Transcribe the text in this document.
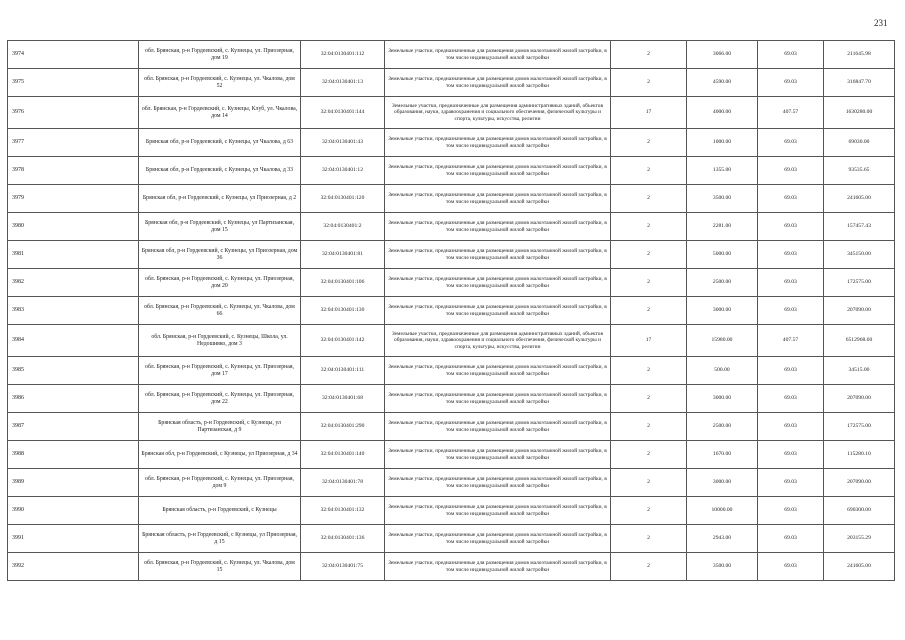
231
3974	обл. Брянская, р-н Гордеевский, с. Кузнецы, ул. Приозерная, дом 19	32:04:0130401:112	Земельные участки, предназначенные для размещения домов малоэтажной жилой застройки, в том числе индивидуальной жилой застройки	2	3066.00	69.03	211645.98
3975	обл. Брянская, р-н Гордеевский, с. Кузнецы, ул. Чкалова, дом 52	32:04:0130401:13	Земельные участки, предназначенные для размещения домов малоэтажной жилой застройки, в том числе индивидуальной жилой застройки	2	4590.00	69.03	316847.70
3976	обл. Брянская, р-н Гордеевский, с. Кузнецы, Клуб, ул. Чкалова, дом 14	32:04:0130401:144	Земельные участки, предназначенные для размещения административных зданий, объектов образования, науки, здравоохранения и социального обеспечения, физической культуры и спорта, культуры, искусства, религии	17	4000.00	407.57	1630280.00
3977	Брянская обл, р-н Гордеевский, с Кузнецы, ул Чкалова, д 63	32:04:0130401:43	Земельные участки, предназначенные для размещения домов малоэтажной жилой застройки, в том числе индивидуальной жилой застройки	2	1000.00	69.03	69030.00
3978	Брянская обл, р-н Гордеевский, с Кузнецы, ул Чкалова, д 33	32:04:0130401:12	Земельные участки, предназначенные для размещения домов малоэтажной жилой застройки, в том числе индивидуальной жилой застройки	2	1355.00	69.03	93535.65
3979	Брянская обл, р-н Гордеевский, с Кузнецы, ул Приозерная, д 2	32:04:0130401:120	Земельные участки, предназначенные для размещения домов малоэтажной жилой застройки, в том числе индивидуальной жилой застройки	2	3500.00	69.03	241605.00
3980	Брянская обл, р-н Гордеевский, с Кузнецы, ул Партизанская, дом 15	32:04:0130401:2	Земельные участки, предназначенные для размещения домов малоэтажной жилой застройки, в том числе индивидуальной жилой застройки	2	2281.00	69.03	157457.43
3981	Брянская обл, р-н Гордеевский, с Кузнецы, ул Приозерная, дом 36	32:04:0130401:81	Земельные участки, предназначенные для размещения домов малоэтажной жилой застройки, в том числе индивидуальной жилой застройки	2	5000.00	69.03	345150.00
3982	обл. Брянская, р-н Гордеевский, с. Кузнецы, ул. Приозерная, дом 20	32:04:0130401:106	Земельные участки, предназначенные для размещения домов малоэтажной жилой застройки, в том числе индивидуальной жилой застройки	2	2500.00	69.03	172575.00
3983	обл. Брянская, р-н Гордеевский, с. Кузнецы, ул. Чкалова, дом 66	32:04:0130401:130	Земельные участки, предназначенные для размещения домов малоэтажной жилой застройки, в том числе индивидуальной жилой застройки	2	3000.00	69.03	207090.00
3984	обл. Брянская, р-н Гордеевский, с. Кузнецы, Школа, ул. Недошивко, дом 3	32:04:0130401:142	Земельные участки, предназначенные для размещения административных зданий, объектов образования, науки, здравоохранения и социального обеспечения, физической культуры и спорта, культуры, искусства, религии	17	15980.00	407.57	6512968.60
3985	обл. Брянская, р-н Гордеевский, с. Кузнецы, ул. Приозерная, дом 17	32:04:0130401:111	Земельные участки, предназначенные для размещения домов малоэтажной жилой застройки, в том числе индивидуальной жилой застройки	2	500.00	69.03	34515.00
3986	обл. Брянская, р-н Гордеевский, с. Кузнецы, ул. Приозерная, дом 22	32:04:0130401:68	Земельные участки, предназначенные для размещения домов малоэтажной жилой застройки, в том числе индивидуальной жилой застройки	2	3000.00	69.03	207090.00
3987	Брянская область, р-н Гордеевский, с Кузнецы, ул Партизанская, д 9	32:04:0130401:290	Земельные участки, предназначенные для размещения домов малоэтажной жилой застройки, в том числе индивидуальной жилой застройки	2	2500.00	69.03	172575.00
3988	Брянская обл, р-н Гордеевский, с Кузнецы, ул Приозерная, д 34	32:04:0130401:140	Земельные участки, предназначенные для размещения домов малоэтажной жилой застройки, в том числе индивидуальной жилой застройки	2	1670.00	69.03	115280.10
3989	обл. Брянская, р-н Гордеевский, с. Кузнецы, ул. Приозерная, дом 9	32:04:0130401:78	Земельные участки, предназначенные для размещения домов малоэтажной жилой застройки, в том числе индивидуальной жилой застройки	2	3000.00	69.03	207090.00
3990	Брянская область, р-н Гордеевский, с Кузнецы	32:04:0130401:132	Земельные участки, предназначенные для размещения домов малоэтажной жилой застройки, в том числе индивидуальной жилой застройки	2	10000.00	69.03	690300.00
3991	Брянская область, р-н Гордеевский, с Кузнецы, ул Приозерная, д 15	32:04:0130401:136	Земельные участки, предназначенные для размещения домов малоэтажной жилой застройки, в том числе индивидуальной жилой застройки	2	2943.00	69.03	203155.29
3992	обл. Брянская, р-н Гордеевский, с. Кузнецы, ул. Чкалова, дом 15	32:04:0130401:75	Земельные участки, предназначенные для размещения домов малоэтажной жилой застройки, в том числе индивидуальной жилой застройки	2	3500.00	69.03	241605.00
